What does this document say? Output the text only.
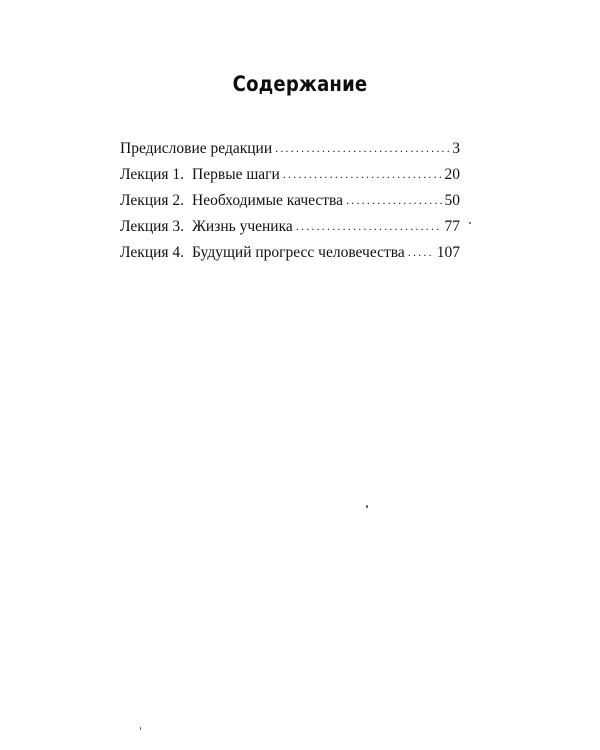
Содержание
Предисловие редакции . . .	3
Лекция 1. Первые шаги . . .	20
Лекция 2. Необходимые качества . . .	50
Лекция 3. Жизнь ученика . . .	77
Лекция 4. Будущий прогресс человечества . . . 107
